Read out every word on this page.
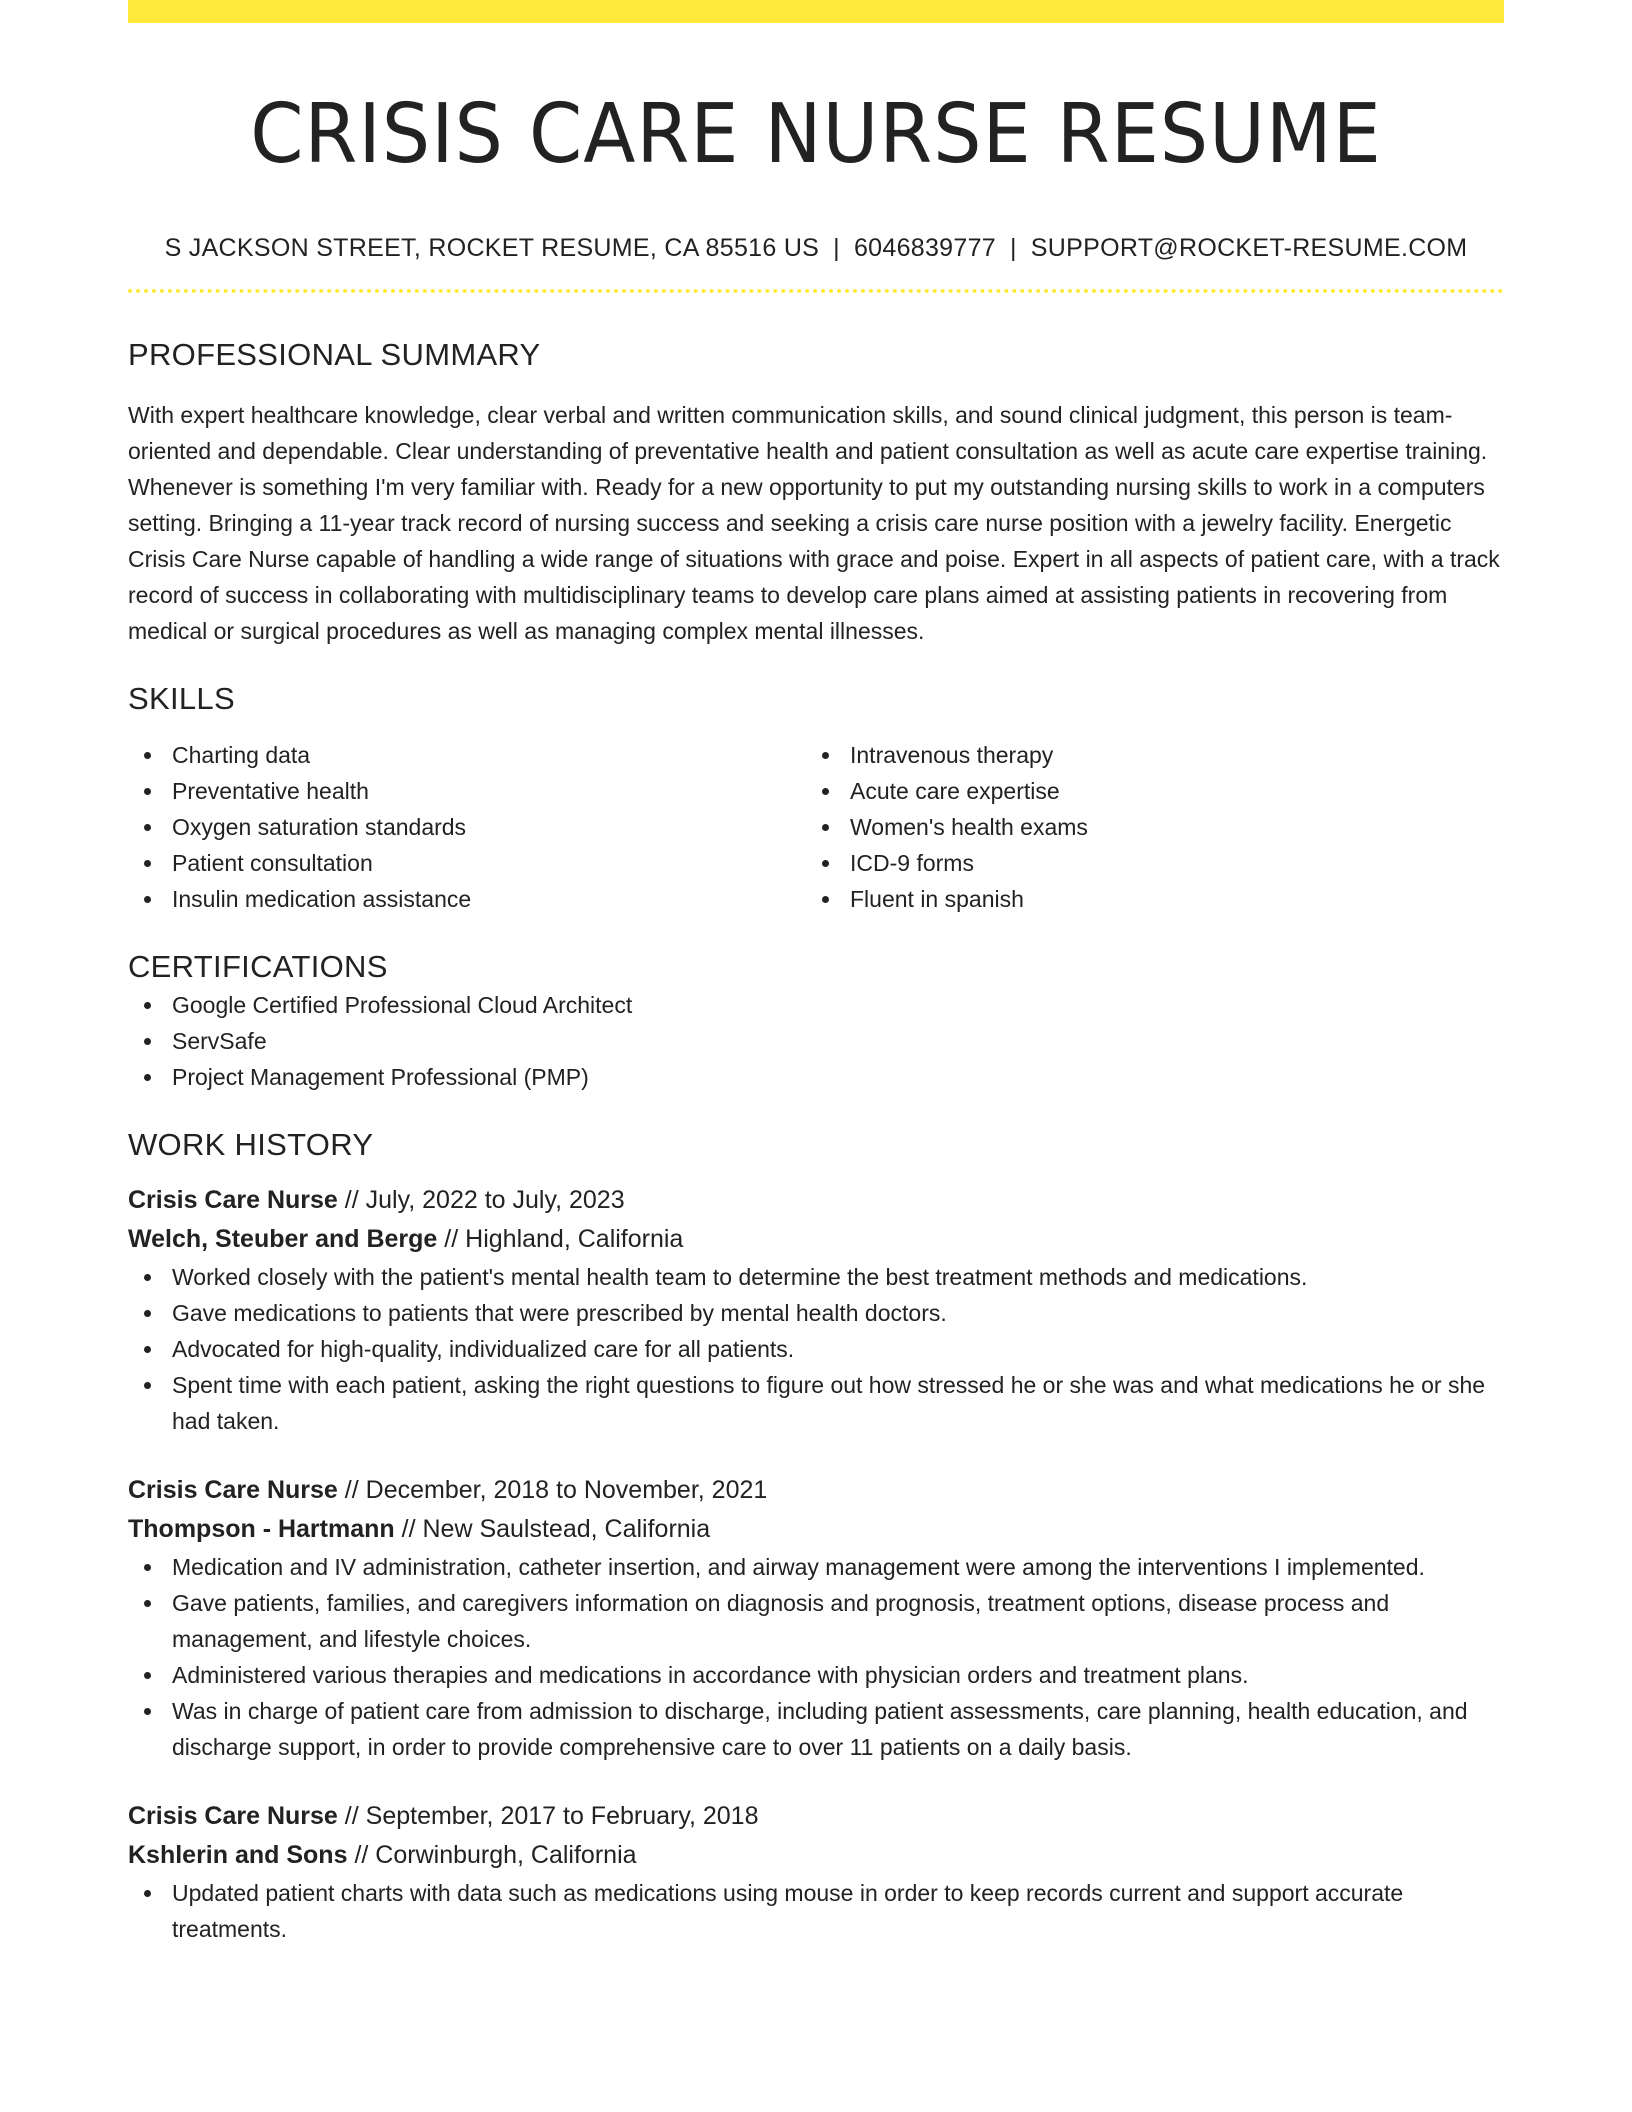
CRISIS CARE NURSE RESUME
S JACKSON STREET, ROCKET RESUME, CA 85516 US | 6046839777 | SUPPORT@ROCKET-RESUME.COM
PROFESSIONAL SUMMARY

With expert healthcare knowledge, clear verbal and written communication skills, and sound clinical judgment, this person is team-oriented and dependable. Clear understanding of preventative health and patient consultation as well as acute care expertise training. Whenever is something I'm very familiar with. Ready for a new opportunity to put my outstanding nursing skills to work in a computers setting. Bringing a 11-year track record of nursing success and seeking a crisis care nurse position with a jewelry facility. Energetic Crisis Care Nurse capable of handling a wide range of situations with grace and poise. Expert in all aspects of patient care, with a track record of success in collaborating with multidisciplinary teams to develop care plans aimed at assisting patients in recovering from medical or surgical procedures as well as managing complex mental illnesses.

SKILLS
Charting data
Preventative health
Oxygen saturation standards
Patient consultation
Insulin medication assistance
Intravenous therapy
Acute care expertise
Women's health exams
ICD-9 forms
Fluent in spanish
CERTIFICATIONS
Google Certified Professional Cloud Architect
ServSafe
Project Management Professional (PMP)
WORK HISTORY
Crisis Care Nurse // July, 2022 to July, 2023
Welch, Steuber and Berge // Highland, California
Worked closely with the patient's mental health team to determine the best treatment methods and medications.
Gave medications to patients that were prescribed by mental health doctors.
Advocated for high-quality, individualized care for all patients.
Spent time with each patient, asking the right questions to figure out how stressed he or she was and what medications he or she had taken.
Crisis Care Nurse // December, 2018 to November, 2021
Thompson - Hartmann // New Saulstead, California
Medication and IV administration, catheter insertion, and airway management were among the interventions I implemented.
Gave patients, families, and caregivers information on diagnosis and prognosis, treatment options, disease process and management, and lifestyle choices.
Administered various therapies and medications in accordance with physician orders and treatment plans.
Was in charge of patient care from admission to discharge, including patient assessments, care planning, health education, and discharge support, in order to provide comprehensive care to over 11 patients on a daily basis.
Crisis Care Nurse // September, 2017 to February, 2018
Kshlerin and Sons // Corwinburgh, California
Updated patient charts with data such as medications using mouse in order to keep records current and support accurate treatments.
